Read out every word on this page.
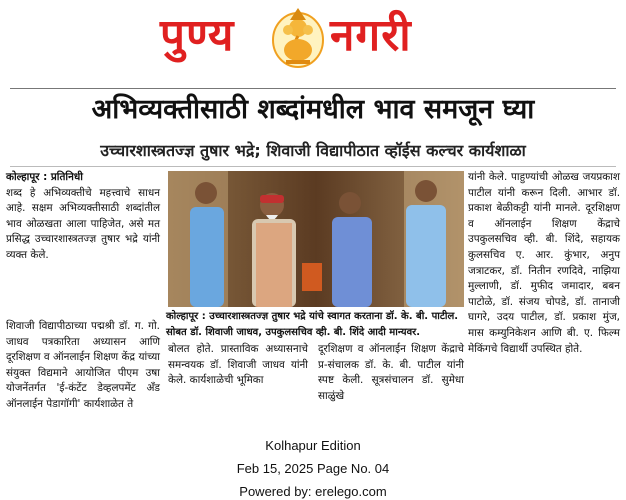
पुण्य नगरी
अभिव्यक्तीसाठी शब्दांमधील भाव समजून घ्या
उच्चारशास्त्रतज्ज्ञ तुषार भद्रे; शिवाजी विद्यापीठात व्हॉईस कल्चर कार्यशाळा
कोल्हापूर : प्रतिनिधी
शब्द हे अभिव्यक्तीचे महत्त्वाचे साधन आहे. सक्षम अभिव्यक्तीसाठी शब्दांतील भाव ओळखता आला पाहिजेत, असे मत प्रसिद्ध उच्चारशास्त्रतज्ज्ञ तुषार भद्रे यांनी व्यक्त केले.
शिवाजी विद्यापीठाच्या पद्मश्री डॉ. ग. गो. जाधव पत्रकारिता अध्यासन आणि दूरशिक्षण व ऑनलाईन शिक्षण केंद्र यांच्या संयुक्त विद्यमाने आयोजित पीएम उषा योजनेंतर्गत 'ई-कंटेंट डेव्हलपमेंट अँड ऑनलाईन पेडागॉगी' कार्यशाळेत ते
कोल्हापूर : उच्चारशास्त्रतज्ज्ञ तुषार भद्रे यांचे स्वागत करताना डॉ. के. बी. पाटील. सोबत डॉ. शिवाजी जाधव, उपकुलसचिव व्ही. बी. शिंदे आदी मान्यवर.
बोलत होते. प्रास्ताविक अध्यासनाचे समन्वयक डॉ. शिवाजी जाधव यांनी केले. कार्यशाळेची भूमिका
दूरशिक्षण व ऑनलाईन शिक्षण केंद्राचे प्र-संचालक डॉ. के. बी. पाटील यांनी स्पष्ट केली. सूत्रसंचालन डॉ. सुमेधा साळुंखे
यांनी केले. पाहुण्यांची ओळख जयप्रकाश पाटील यांनी करून दिली. आभार डॉ. प्रकाश बेळीकट्टी यांनी मानले. दूरशिक्षण व ऑनलाईन शिक्षण केंद्राचे उपकुलसचिव व्ही. बी. शिंदे, सहायक कुलसचिव ए. आर. कुंभार, अनुप जत्राटकर, डॉ. नितीन रणदिवे, नाझिया मुल्लाणी, डॉ. मुफीद जमादार, बबन पाटोळे, डॉ. संजय चोपडे, डॉ. तानाजी घागरे, उदय पाटील, डॉ. प्रकाश मुंज, मास कम्युनिकेशन आणि बी. ए. फिल्म मेकिंगचे विद्यार्थी उपस्थित होते.
Kolhapur Edition
Feb 15, 2025 Page No. 04
Powered by: erelego.com
